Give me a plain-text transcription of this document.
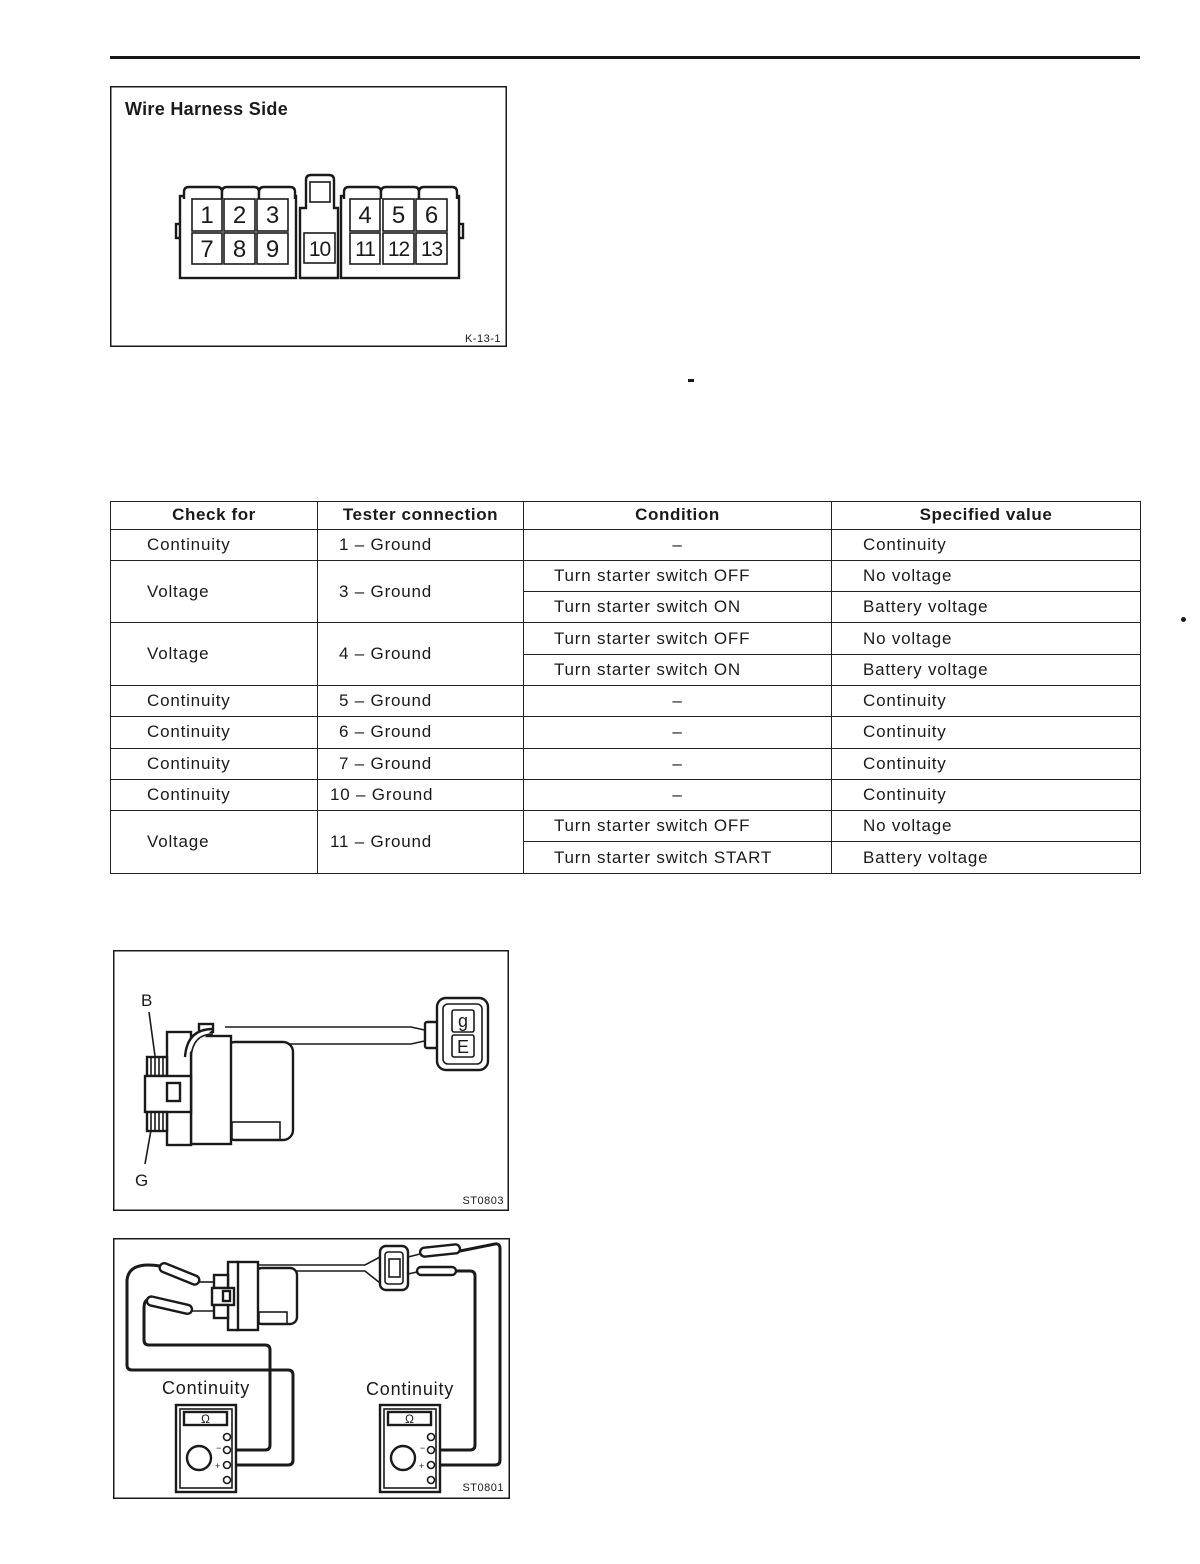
Wire Harness Side
1 2 3
7 8 9 10
4 5 6
11 12 13
K-13-1
Check for	Tester connection	Condition	Specified value
Continuity	1 – Ground	–	Continuity
Voltage	3 – Ground	Turn starter switch OFF	No voltage
		Turn starter switch ON	Battery voltage
Voltage	4 – Ground	Turn starter switch OFF	No voltage
		Turn starter switch ON	Battery voltage
Continuity	5 – Ground	–	Continuity
Continuity	6 – Ground	–	Continuity
Continuity	7 – Ground	–	Continuity
Continuity	10 – Ground	–	Continuity
Voltage	11 – Ground	Turn starter switch OFF	No voltage
		Turn starter switch START	Battery voltage
g
E
B
G
ST0803
Ω
−
+
Ω
−
+
Continuity	Continuity
ST0801
